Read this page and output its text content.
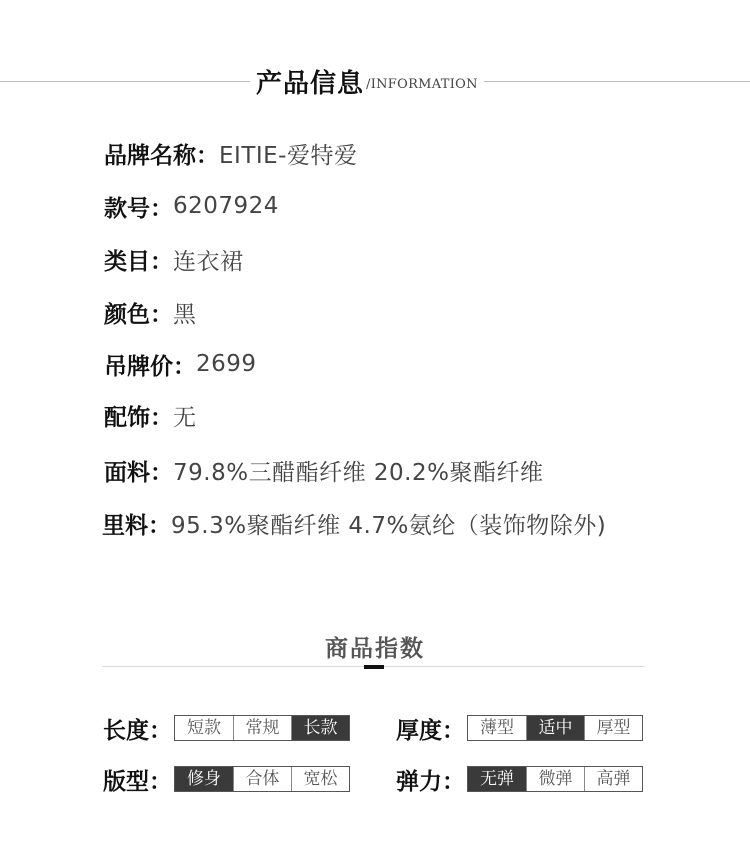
产品信息 /INFORMATION
品牌名称： EITIE-爱特爱
款号： 6207924
类目： 连衣裙
颜色： 黑
吊牌价： 2699
配饰： 无
面料： 79.8%三醋酯纤维 20.2%聚酯纤维
里料： 95.3%聚酯纤维 4.7%氨纶（装饰物除外)
商品指数
长度： 短款	常规	长款	厚度： 薄型	适中	厚型
版型： 修身	合体	宽松	弹力： 无弹	微弹	高弹
